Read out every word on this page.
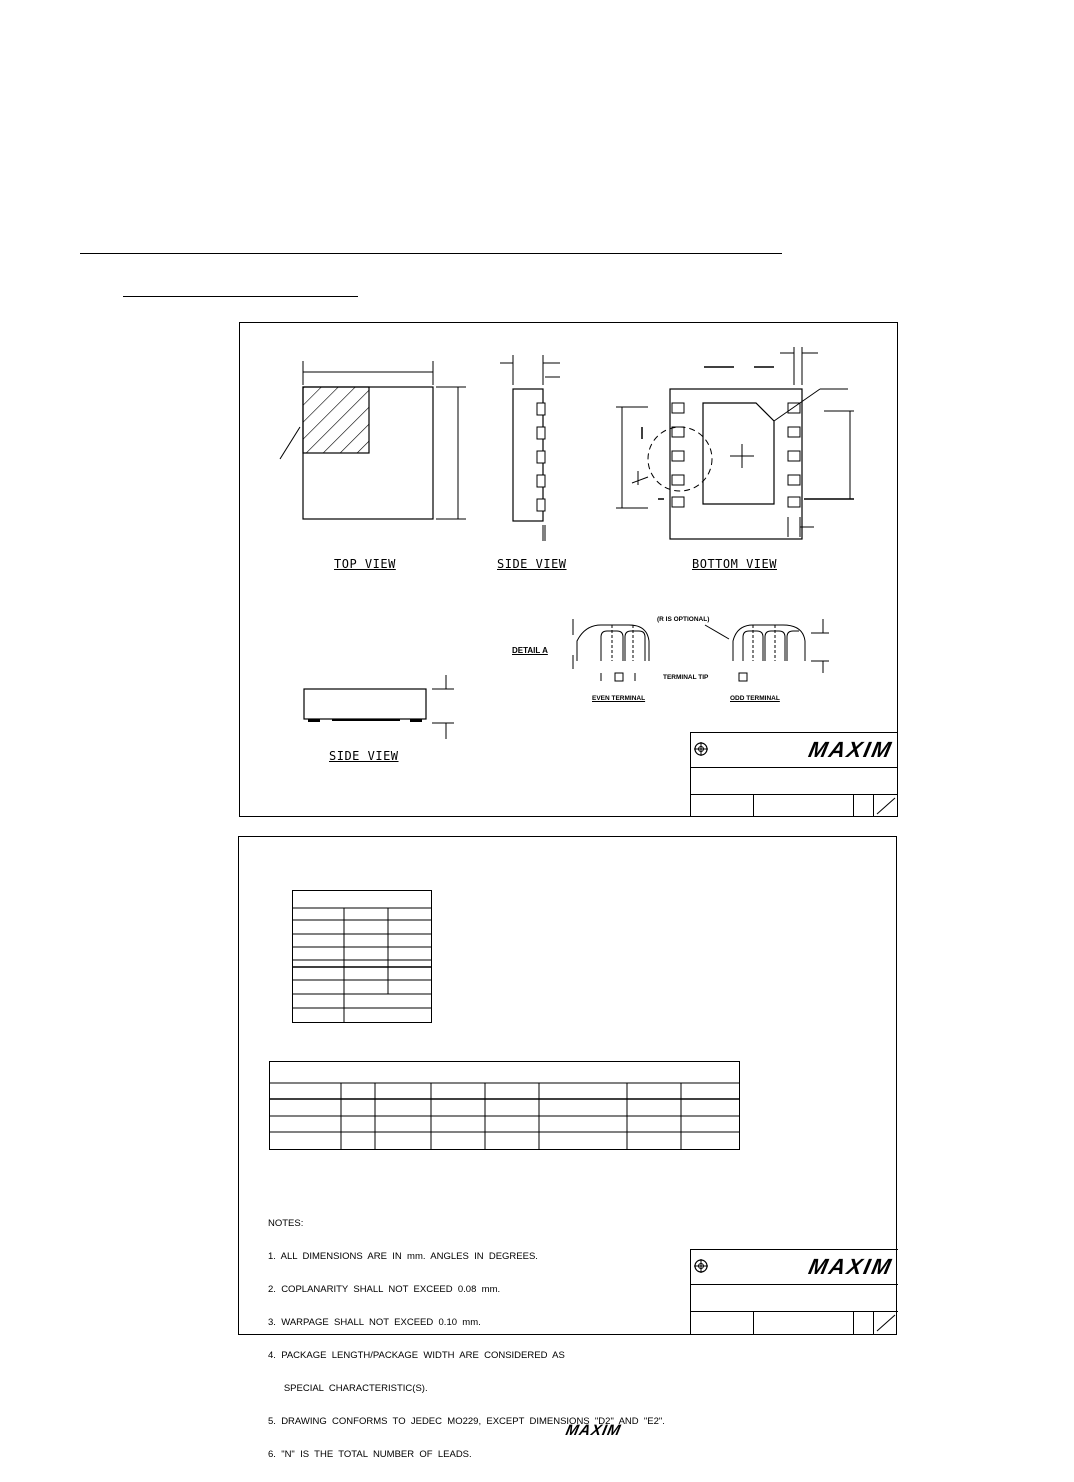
TOP VIEW	SIDE VIEW	BOTTOM VIEW
DETAIL A
(R IS OPTIONAL)
TERMINAL TIP
EVEN TERMINAL	ODD TERMINAL
SIDE VIEW	MAXIM

NOTES:

1.  ALL  DIMENSIONS  ARE  IN  mm.  ANGLES  IN  DEGREES.

2.  COPLANARITY  SHALL  NOT  EXCEED  0.08  mm.

3.  WARPAGE  SHALL  NOT  EXCEED  0.10  mm.

4.  PACKAGE  LENGTH/PACKAGE  WIDTH  ARE  CONSIDERED  AS

SPECIAL  CHARACTERISTIC(S).

5.  DRAWING  CONFORMS  TO  JEDEC  MO229,  EXCEPT  DIMENSIONS  "D2"  AND  "E2".

6.  "N"  IS  THE  TOTAL  NUMBER  OF  LEADS.

MAXIM
MAXIM
